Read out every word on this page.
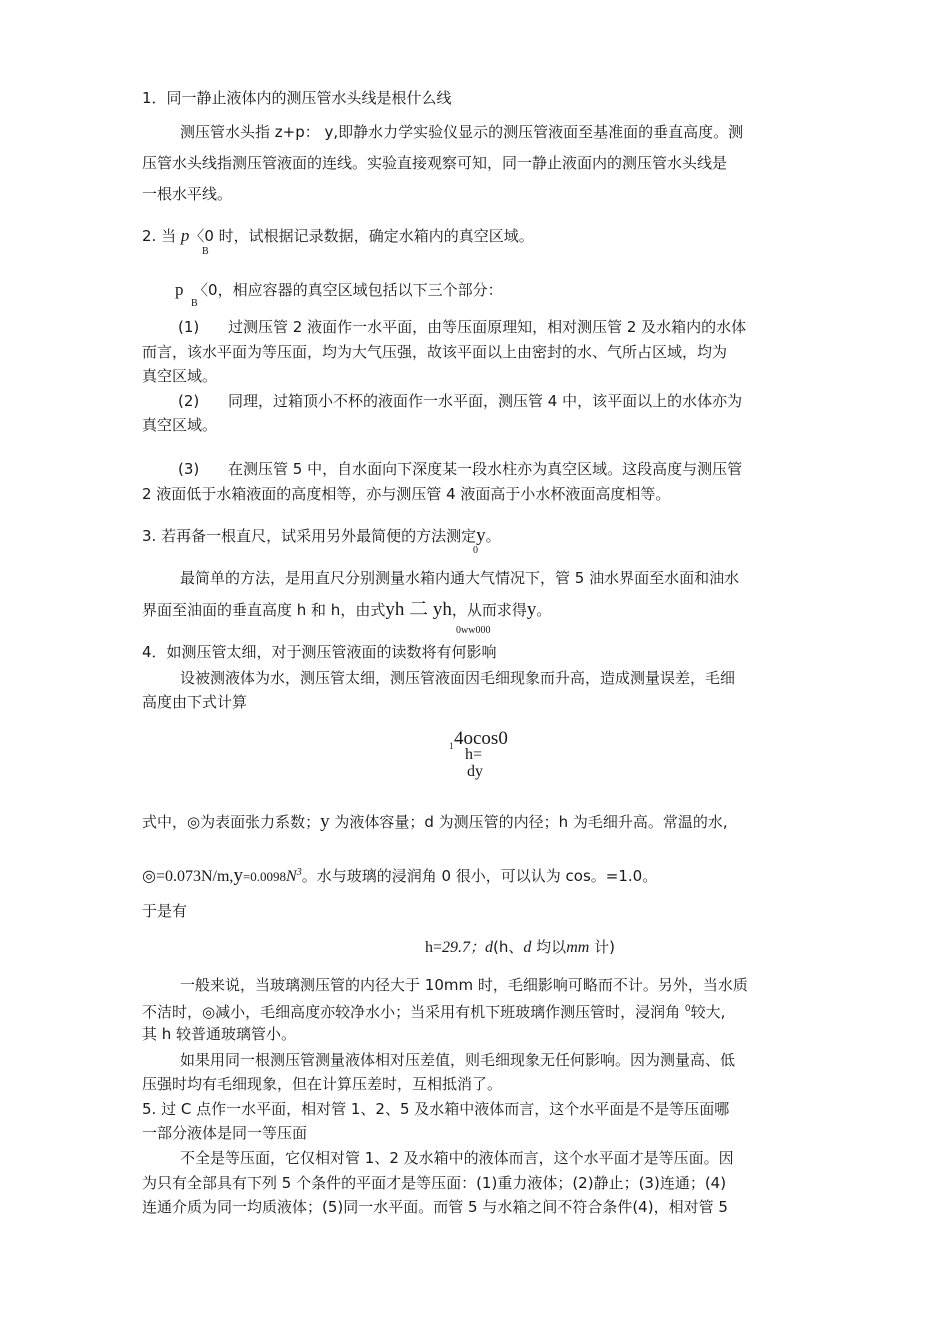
1．同一静止液体内的测压管水头线是根什么线
测压管水头指 z+p： y,即静水力学实验仪显示的测压管液面至基准面的垂直高度。测
压管水头线指测压管液面的连线。实验直接观察可知，同一静止液面内的测压管水头线是
一根水平线。
2. 当 p〈0 时，试根据记录数据，确定水箱内的真空区域。
B
p 〈0，相应容器的真空区域包括以下三个部分：
B
(1) 过测压管 2 液面作一水平面，由等压面原理知，相对测压管 2 及水箱内的水体
而言，该水平面为等压面，均为大气压强，故该平面以上由密封的水、气所占区域，均为
真空区域。
(2) 同理，过箱顶小不杯的液面作一水平面，测压管 4 中，该平面以上的水体亦为
真空区域。
(3) 在测压管 5 中，自水面向下深度某一段水柱亦为真空区域。这段高度与测压管
2 液面低于水箱液面的高度相等，亦与测压管 4 液面高于小水杯液面高度相等。
3. 若再备一根直尺，试采用另外最简便的方法测定y。
0
最简单的方法，是用直尺分别测量水箱内通大气情况下，管 5 油水界面至水面和油水
界面至油面的垂直高度 h 和 h，由式yh 二 yh，从而求得y。
0ww000
4．如测压管太细，对于测压管液面的读数将有何影响
设被测液体为水，测压管太细，测压管液面因毛细现象而升高，造成测量误差，毛细
高度由下式计算
1 4ocos0
h=
dy
式中，◎为表面张力系数；y 为液体容量；d 为测压管的内径；h 为毛细升高。常温的水,
$◎=0.073N/m,y=0.0098N^3$。水与玻璃的浸润角 0 很小，可以认为 cos。=1.0。
于是有
h=29.7；d(h、d 均以mm 计)
一般来说，当玻璃测压管的内径大于 10mm 时，毛细影响可略而不计。另外，当水质
不洁时，◎减小，毛细高度亦较净水小；当采用有机下班玻璃作测压管时，浸润角 $^0$较大,
其 h 较普通玻璃管小。
如果用同一根测压管测量液体相对压差值，则毛细现象无任何影响。因为测量高、低
压强时均有毛细现象，但在计算压差时，互相抵消了。
5. 过 C 点作一水平面，相对管 1、2、5 及水箱中液体而言，这个水平面是不是等压面哪
一部分液体是同一等压面
不全是等压面，它仅相对管 1、2 及水箱中的液体而言，这个水平面才是等压面。因
为只有全部具有下列 5 个条件的平面才是等压面：(1)重力液体；(2)静止；(3)连通；(4)
连通介质为同一均质液体；(5)同一水平面。而管 5 与水箱之间不符合条件(4)，相对管 5
